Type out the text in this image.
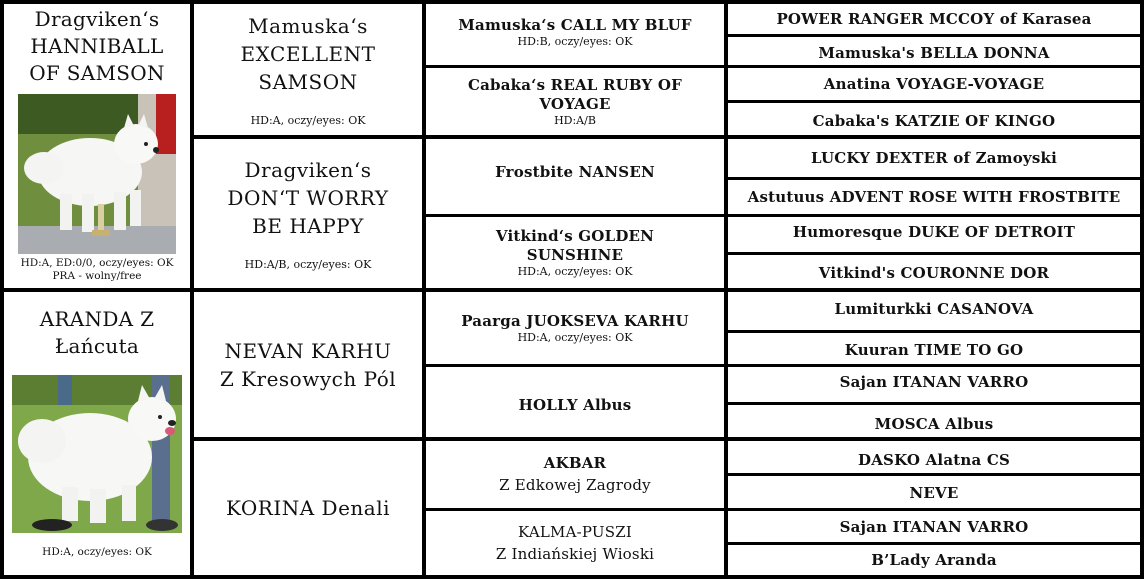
Dragviken‘s
HANNIBALL
OF SAMSON
HD:A, ED:0/0, oczy/eyes: OK
PRA - wolny/free
ARANDA Z
Łańcuta
HD:A, oczy/eyes: OK
Mamuska‘s
EXCELLENT
SAMSON
HD:A, oczy/eyes: OK
Dragviken‘s
DON‘T WORRY
BE HAPPY
HD:A/B, oczy/eyes: OK
NEVAN KARHU
Z Kresowych Pól
KORINA Denali
Mamuska‘s CALL MY BLUF
HD:B, oczy/eyes: OK
Cabaka‘s REAL RUBY OF
VOYAGE
HD:A/B
Frostbite NANSEN
Vitkind‘s GOLDEN
SUNSHINE
HD:A, oczy/eyes: OK
Paarga JUOKSEVA KARHU
HD:A, oczy/eyes: OK
HOLLY Albus
AKBAR
Z Edkowej Zagrody
KALMA-PUSZI
Z Indiańskiej Wioski
POWER RANGER MCCOY of Karasea
Mamuska's BELLA DONNA
Anatina VOYAGE-VOYAGE
Cabaka's KATZIE OF KINGO
LUCKY DEXTER of Zamoyski
Astutuus ADVENT ROSE WITH FROSTBITE
Humoresque DUKE OF DETROIT
Vitkind's COURONNE DOR
Lumiturkki CASANOVA
Kuuran TIME TO GO
Sajan ITANAN VARRO
MOSCA Albus
DASKO Alatna CS
NEVE
Sajan ITANAN VARRO
B’Lady Aranda
